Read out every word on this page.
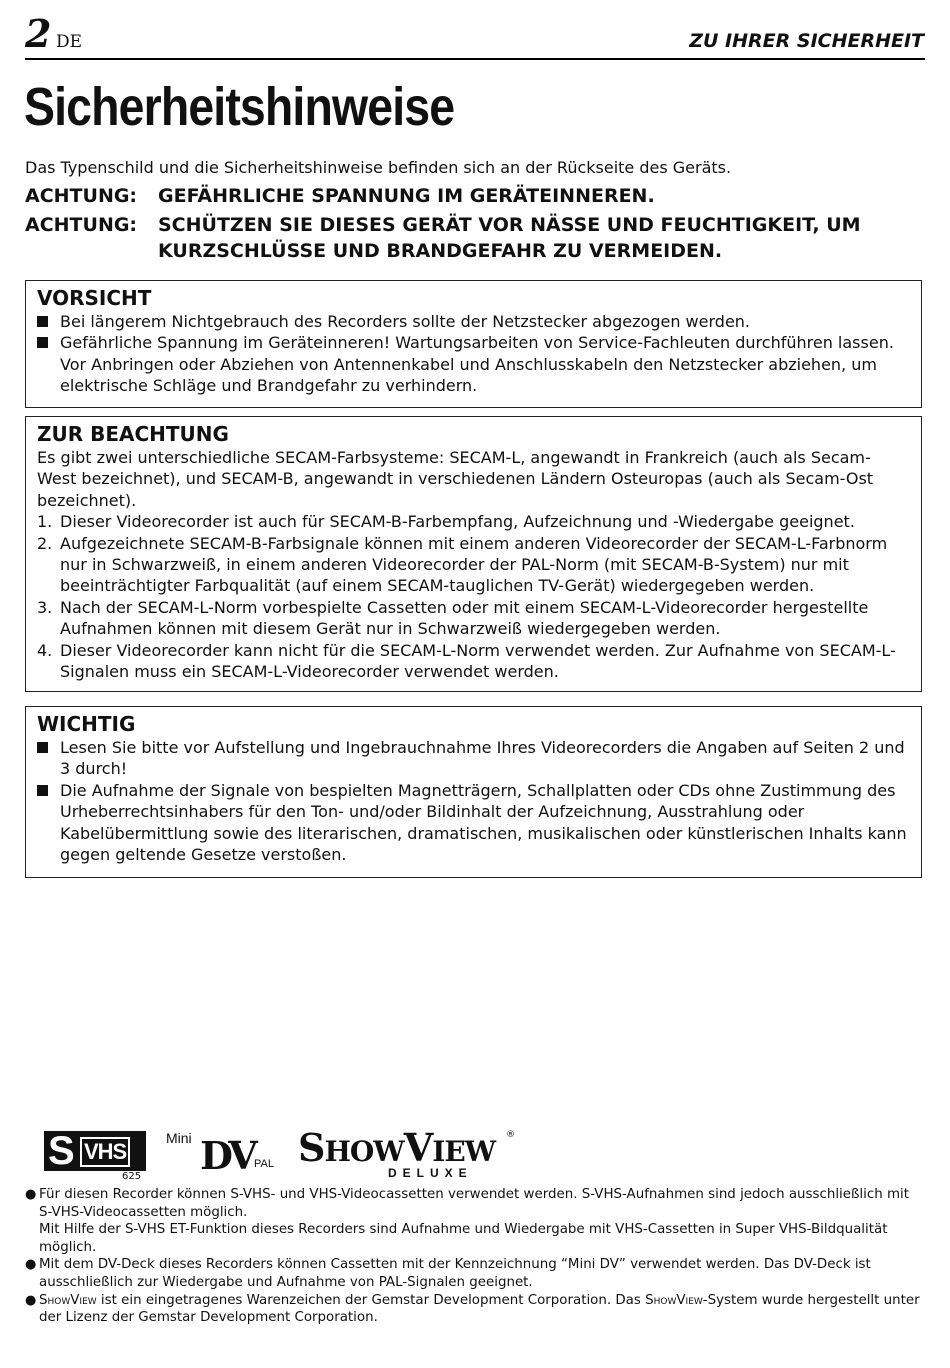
2 DE	ZU IHRER SICHERHEIT
Sicherheitshinweise
Das Typenschild und die Sicherheitshinweise befinden sich an der Rückseite des Geräts.
ACHTUNG: GEFÄHRLICHE SPANNUNG IM GERÄTEINNEREN.
ACHTUNG: SCHÜTZEN SIE DIESES GERÄT VOR NÄSSE UND FEUCHTIGKEIT, UM KURZSCHLÜSSE UND BRANDGEFAHR ZU VERMEIDEN.
VORSICHT

Bei längerem Nichtgebrauch des Recorders sollte der Netzstecker abgezogen werden.

Gefährliche Spannung im Geräteinneren! Wartungsarbeiten von Service-Fachleuten durchführen lassen. Vor Anbringen oder Abziehen von Antennenkabel und Anschlusskabeln den Netzstecker abziehen, um elektrische Schläge und Brandgefahr zu verhindern.

ZUR BEACHTUNG

Es gibt zwei unterschiedliche SECAM-Farbsysteme: SECAM-L, angewandt in Frankreich (auch als Secam-West bezeichnet), und SECAM-B, angewandt in verschiedenen Ländern Osteuropas (auch als Secam-Ost bezeichnet).

1. Dieser Videorecorder ist auch für SECAM-B-Farbempfang, Aufzeichnung und -Wiedergabe geeignet.

2. Aufgezeichnete SECAM-B-Farbsignale können mit einem anderen Videorecorder der SECAM-L-Farbnorm nur in Schwarzweiß, in einem anderen Videorecorder der PAL-Norm (mit SECAM-B-System) nur mit beeinträchtigter Farbqualität (auf einem SECAM-tauglichen TV-Gerät) wiedergegeben werden.

3. Nach der SECAM-L-Norm vorbespielte Cassetten oder mit einem SECAM-L-Videorecorder hergestellte Aufnahmen können mit diesem Gerät nur in Schwarzweiß wiedergegeben werden.

4. Dieser Videorecorder kann nicht für die SECAM-L-Norm verwendet werden. Zur Aufnahme von SECAM-L-Signalen muss ein SECAM-L-Videorecorder verwendet werden.

WICHTIG

Lesen Sie bitte vor Aufstellung und Ingebrauchnahme Ihres Videorecorders die Angaben auf Seiten 2 und 3 durch!

Die Aufnahme der Signale von bespielten Magnetträgern, Schallplatten oder CDs ohne Zustimmung des Urheberrechtsinhabers für den Ton- und/oder Bildinhalt der Aufzeichnung, Ausstrahlung oder Kabelübermittlung sowie des literarischen, dramatischen, musikalischen oder künstlerischen Inhalts kann gegen geltende Gesetze verstoßen.

S VHS
625
Mini DV PAL SHOWVIEW ®
DELUXE
● Für diesen Recorder können S-VHS- und VHS-Videocassetten verwendet werden. S-VHS-Aufnahmen sind jedoch ausschließlich mit S-VHS-Videocassetten möglich.
Mit Hilfe der S-VHS ET-Funktion dieses Recorders sind Aufnahme und Wiedergabe mit VHS-Cassetten in Super VHS-Bildqualität möglich.
● Mit dem DV-Deck dieses Recorders können Cassetten mit der Kennzeichnung “Mini DV” verwendet werden. Das DV-Deck ist ausschließlich zur Wiedergabe und Aufnahme von PAL-Signalen geeignet.
● ShowView ist ein eingetragenes Warenzeichen der Gemstar Development Corporation. Das ShowView-System wurde hergestellt unter der Lizenz der Gemstar Development Corporation.
